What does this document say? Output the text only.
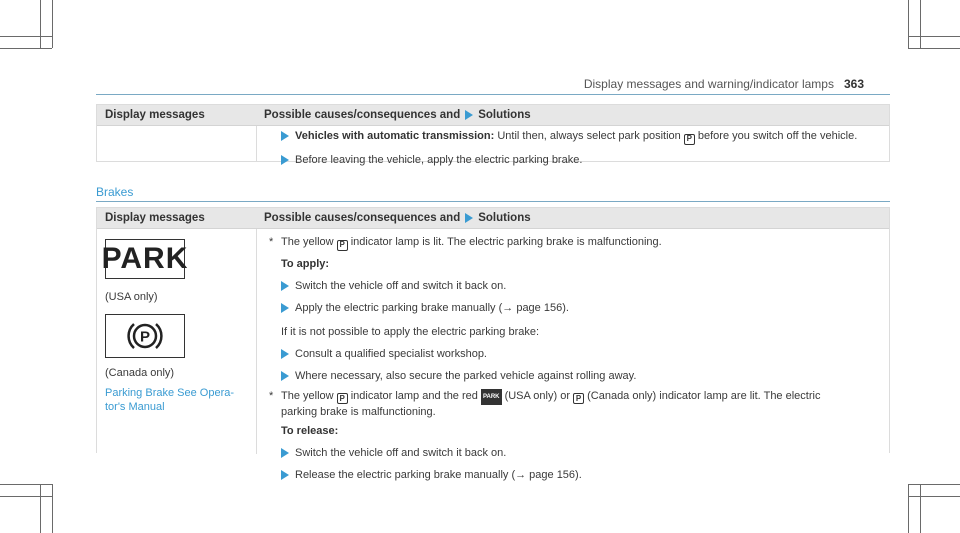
Display messages and warning/indicator lamps 363
Display messages	Possible causes/consequences and Solutions
Vehicles with automatic transmission: Until then, always select park position P before you switch off the vehicle.
Before leaving the vehicle, apply the electric parking brake.
Brakes
Display messages	Possible causes/consequences and Solutions
PARK
(USA only)
P
(Canada only)
Parking Brake See Opera-
tor's Manual
* The yellow P indicator lamp is lit. The electric parking brake is malfunctioning.
To apply:
Switch the vehicle off and switch it back on.
Apply the electric parking brake manually (→ page 156).
If it is not possible to apply the electric parking brake:
Consult a qualified specialist workshop.
Where necessary, also secure the parked vehicle against rolling away.
* The yellow P indicator lamp and the red PARK (USA only) or P (Canada only) indicator lamp are lit. The electric
parking brake is malfunctioning.
To release:
Switch the vehicle off and switch it back on.
Release the electric parking brake manually (→ page 156).
